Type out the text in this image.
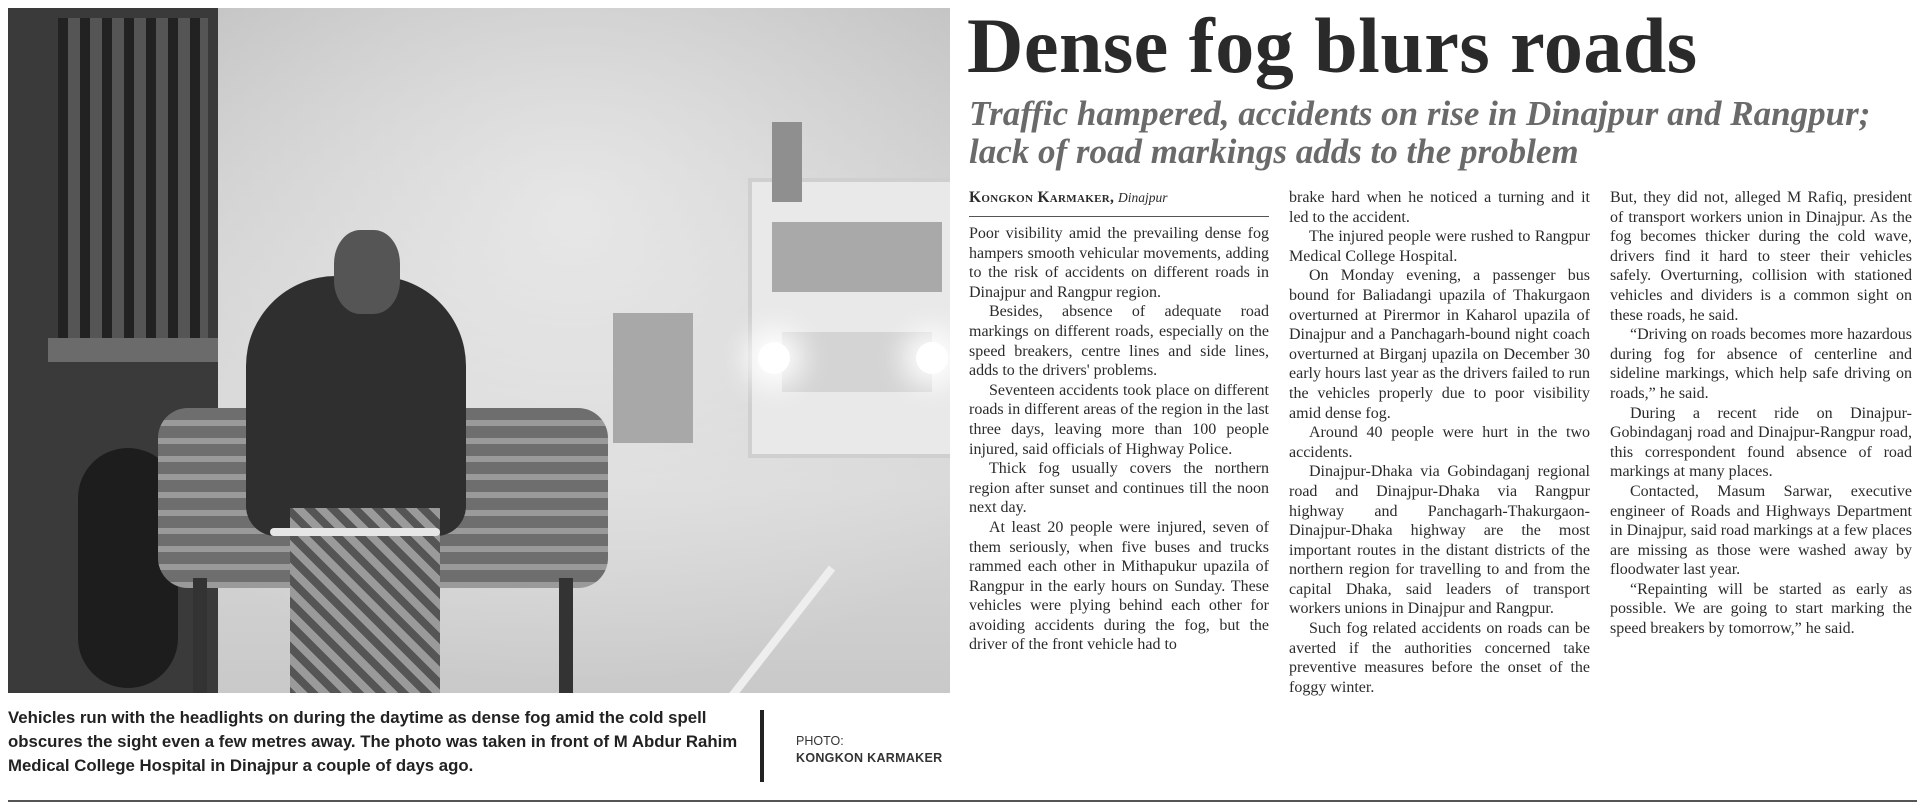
Vehicles run with the headlights on during the daytime as dense fog amid the cold spell obscures the sight even a few metres away. The photo was taken in front of M Abdur Rahim Medical College Hospital in Dinajpur a couple of days ago.
PHOTO:
KONGKON KARMAKER
Dense fog blurs roads
Traffic hampered, accidents on rise in Dinajpur and Rangpur; lack of road markings adds to the problem
Kongkon Karmaker, Dinajpur

Poor visibility amid the prevailing dense fog hampers smooth vehicular movements, adding to the risk of accidents on different roads in Dinajpur and Rangpur region.

Besides, absence of adequate road markings on different roads, especially on the speed breakers, centre lines and side lines, adds to the drivers' problems.

Seventeen accidents took place on different roads in different areas of the region in the last three days, leaving more than 100 people injured, said officials of Highway Police.

Thick fog usually covers the northern region after sunset and continues till the noon next day.

At least 20 people were injured, seven of them seriously, when five buses and trucks rammed each other in Mithapukur upazila of Rangpur in the early hours on Sunday. These vehicles were plying behind each other for avoiding accidents during the fog, but the driver of the front vehicle had to

brake hard when he noticed a turning and it led to the accident.

The injured people were rushed to Rangpur Medical College Hospital.

On Monday evening, a passenger bus bound for Baliadangi upazila of Thakurgaon overturned at Pirermor in Kaharol upazila of Dinajpur and a Panchagarh-bound night coach overturned at Birganj upazila on December 30 early hours last year as the drivers failed to run the vehicles properly due to poor visibility amid dense fog.

Around 40 people were hurt in the two accidents.

Dinajpur-Dhaka via Gobindaganj regional road and Dinajpur-Dhaka via Rangpur highway and Panchagarh-Thakurgaon-Dinajpur-Dhaka highway are the most important routes in the distant districts of the northern region for travelling to and from the capital Dhaka, said leaders of transport workers unions in Dinajpur and Rangpur.

Such fog related accidents on roads can be averted if the authorities concerned take preventive measures before the onset of the foggy winter.

But, they did not, alleged M Rafiq, president of transport workers union in Dinajpur. As the fog becomes thicker during the cold wave, drivers find it hard to steer their vehicles safely. Overturning, collision with stationed vehicles and dividers is a common sight on these roads, he said.

“Driving on roads becomes more hazardous during fog for absence of centerline and sideline markings, which help safe driving on roads,” he said.

During a recent ride on Dinajpur-Gobindaganj road and Dinajpur-Rangpur road, this correspondent found absence of road markings at many places.

Contacted, Masum Sarwar, executive engineer of Roads and Highways Department in Dinajpur, said road markings at a few places are missing as those were washed away by floodwater last year.

“Repainting will be started as early as possible. We are going to start marking the speed breakers by tomorrow,” he said.
